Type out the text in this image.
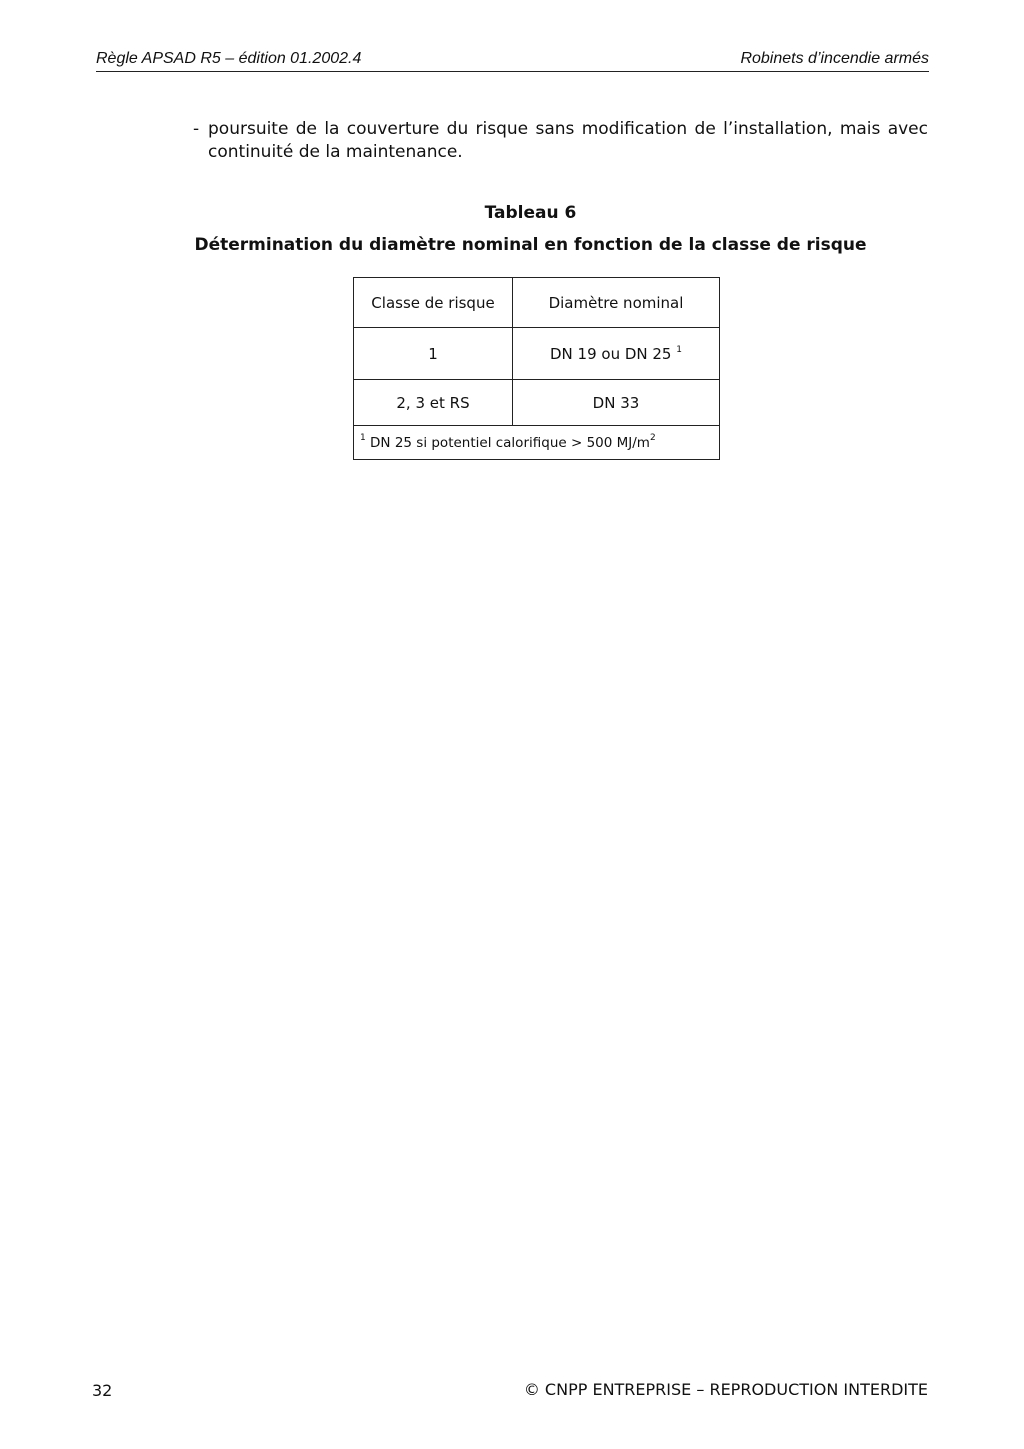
Règle APSAD R5 – édition 01.2002.4	Robinets d’incendie armés
- poursuite de la couverture du risque sans modification de l’installation, mais avec continuité de la maintenance.
Tableau 6
Détermination du diamètre nominal en fonction de la classe de risque
Classe de risque	Diamètre nominal
1	DN 19 ou DN 25 $^1$
2, 3 et RS	DN 33
$^1$ DN 25 si potentiel calorifique > 500 $MJ/m^2$
32	© CNPP ENTREPRISE – REPRODUCTION INTERDITE
